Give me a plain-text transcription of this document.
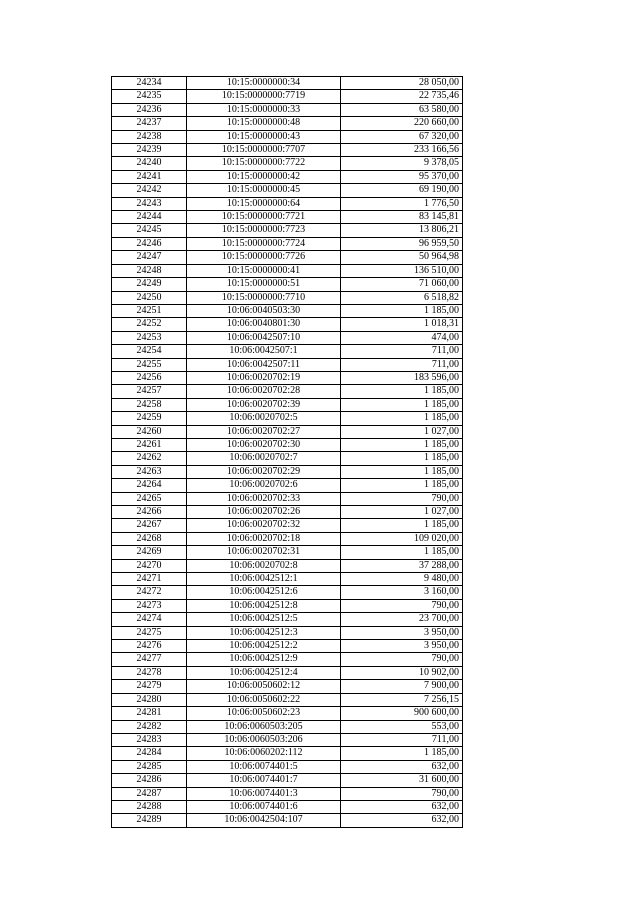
24234	10:15:0000000:34	28 050,00
24235	10:15:0000000:7719	22 735,46
24236	10:15:0000000:33	63 580,00
24237	10:15:0000000:48	220 660,00
24238	10:15:0000000:43	67 320,00
24239	10:15:0000000:7707	233 166,56
24240	10:15:0000000:7722	9 378,05
24241	10:15:0000000:42	95 370,00
24242	10:15:0000000:45	69 190,00
24243	10:15:0000000:64	1 776,50
24244	10:15:0000000:7721	83 145,81
24245	10:15:0000000:7723	13 806,21
24246	10:15:0000000:7724	96 959,50
24247	10:15:0000000:7726	50 964,98
24248	10:15:0000000:41	136 510,00
24249	10:15:0000000:51	71 060,00
24250	10:15:0000000:7710	6 518,82
24251	10:06:0040503:30	1 185,00
24252	10:06:0040801:30	1 018,31
24253	10:06:0042507:10	474,00
24254	10:06:0042507:1	711,00
24255	10:06:0042507:11	711,00
24256	10:06:0020702:19	183 596,00
24257	10:06:0020702:28	1 185,00
24258	10:06:0020702:39	1 185,00
24259	10:06:0020702:5	1 185,00
24260	10:06:0020702:27	1 027,00
24261	10:06:0020702:30	1 185,00
24262	10:06:0020702:7	1 185,00
24263	10:06:0020702:29	1 185,00
24264	10:06:0020702:6	1 185,00
24265	10:06:0020702:33	790,00
24266	10:06:0020702:26	1 027,00
24267	10:06:0020702:32	1 185,00
24268	10:06:0020702:18	109 020,00
24269	10:06:0020702:31	1 185,00
24270	10:06:0020702:8	37 288,00
24271	10:06:0042512:1	9 480,00
24272	10:06:0042512:6	3 160,00
24273	10:06:0042512:8	790,00
24274	10:06:0042512:5	23 700,00
24275	10:06:0042512:3	3 950,00
24276	10:06:0042512:2	3 950,00
24277	10:06:0042512:9	790,00
24278	10:06:0042512:4	10 902,00
24279	10:06:0050602:12	7 900,00
24280	10:06:0050602:22	7 256,15
24281	10:06:0050602:23	900 600,00
24282	10:06:0060503:205	553,00
24283	10:06:0060503:206	711,00
24284	10:06:0060202:112	1 185,00
24285	10:06:0074401:5	632,00
24286	10:06:0074401:7	31 600,00
24287	10:06:0074401:3	790,00
24288	10:06:0074401:6	632,00
24289	10:06:0042504:107	632,00
